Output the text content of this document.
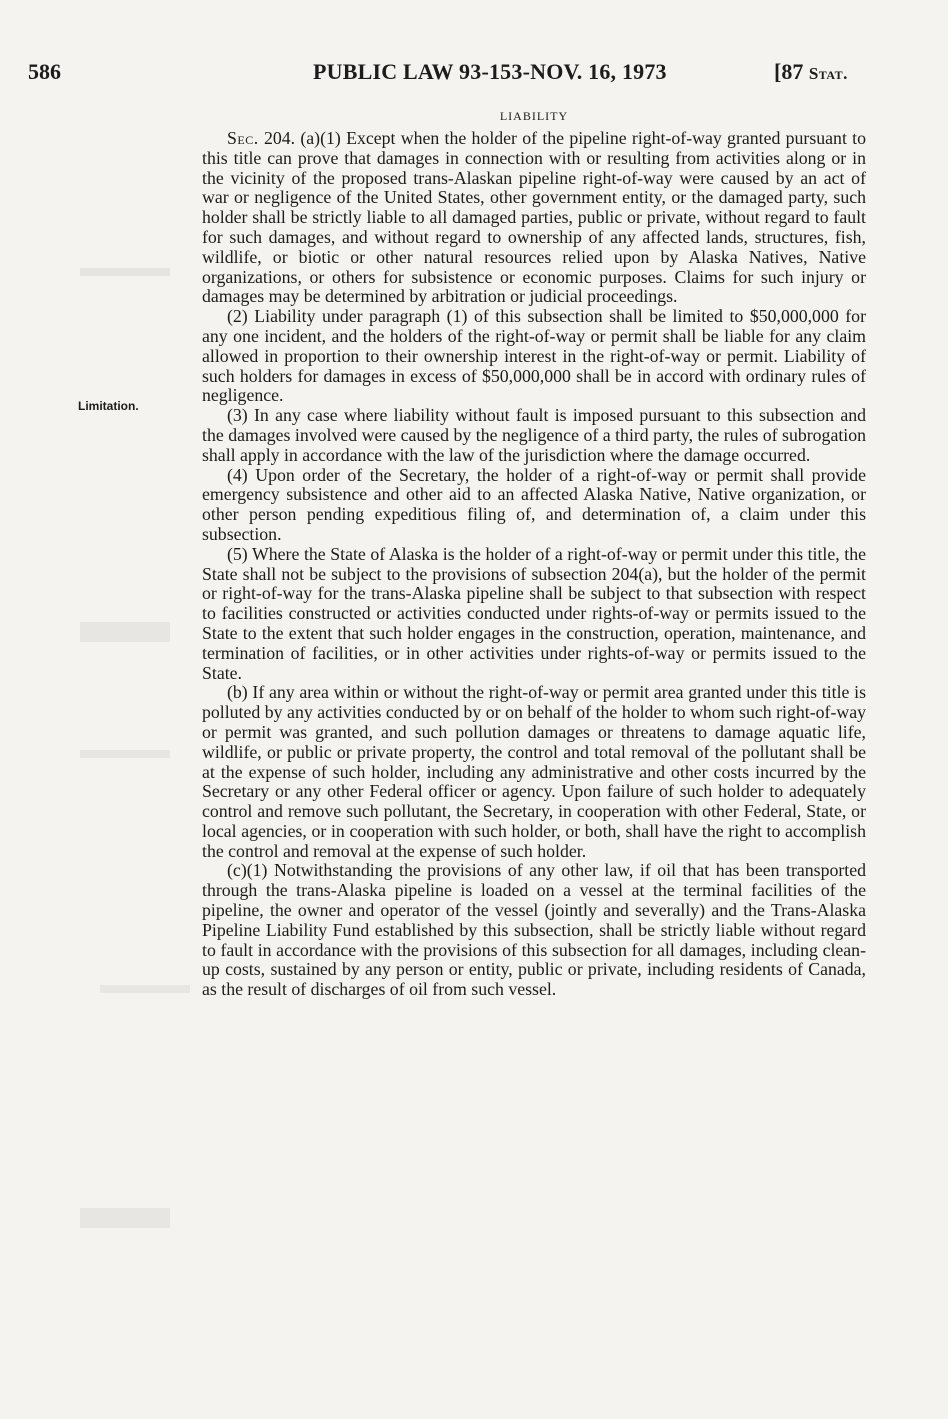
586	PUBLIC LAW 93-153-NOV. 16, 1973	[87 Stat.
LIABILITY
Limitation.

Sec. 204. (a)(1) Except when the holder of the pipeline right-of-way granted pursuant to this title can prove that damages in connection with or resulting from activities along or in the vicinity of the proposed trans-Alaskan pipeline right-of-way were caused by an act of war or negligence of the United States, other government entity, or the damaged party, such holder shall be strictly liable to all damaged parties, public or private, without regard to fault for such damages, and without regard to ownership of any affected lands, structures, fish, wildlife, or biotic or other natural resources relied upon by Alaska Natives, Native organizations, or others for subsistence or economic purposes. Claims for such injury or damages may be determined by arbitration or judicial proceedings.

(2) Liability under paragraph (1) of this subsection shall be limited to $50,000,000 for any one incident, and the holders of the right-of-way or permit shall be liable for any claim allowed in proportion to their ownership interest in the right-of-way or permit. Liability of such holders for damages in excess of $50,000,000 shall be in accord with ordinary rules of negligence.

(3) In any case where liability without fault is imposed pursuant to this subsection and the damages involved were caused by the negligence of a third party, the rules of subrogation shall apply in accordance with the law of the jurisdiction where the damage occurred.

(4) Upon order of the Secretary, the holder of a right-of-way or permit shall provide emergency subsistence and other aid to an affected Alaska Native, Native organization, or other person pending expeditious filing of, and determination of, a claim under this subsection.

(5) Where the State of Alaska is the holder of a right-of-way or permit under this title, the State shall not be subject to the provisions of subsection 204(a), but the holder of the permit or right-of-way for the trans-Alaska pipeline shall be subject to that subsection with respect to facilities constructed or activities conducted under rights-of-way or permits issued to the State to the extent that such holder engages in the construction, operation, maintenance, and termination of facilities, or in other activities under rights-of-way or permits issued to the State.

(b) If any area within or without the right-of-way or permit area granted under this title is polluted by any activities conducted by or on behalf of the holder to whom such right-of-way or permit was granted, and such pollution damages or threatens to damage aquatic life, wildlife, or public or private property, the control and total removal of the pollutant shall be at the expense of such holder, including any administrative and other costs incurred by the Secretary or any other Federal officer or agency. Upon failure of such holder to adequately control and remove such pollutant, the Secretary, in cooperation with other Federal, State, or local agencies, or in cooperation with such holder, or both, shall have the right to accomplish the control and removal at the expense of such holder.

(c)(1) Notwithstanding the provisions of any other law, if oil that has been transported through the trans-Alaska pipeline is loaded on a vessel at the terminal facilities of the pipeline, the owner and operator of the vessel (jointly and severally) and the Trans-Alaska Pipeline Liability Fund established by this subsection, shall be strictly liable without regard to fault in accordance with the provisions of this subsection for all damages, including clean-up costs, sustained by any person or entity, public or private, including residents of Canada, as the result of discharges of oil from such vessel.
